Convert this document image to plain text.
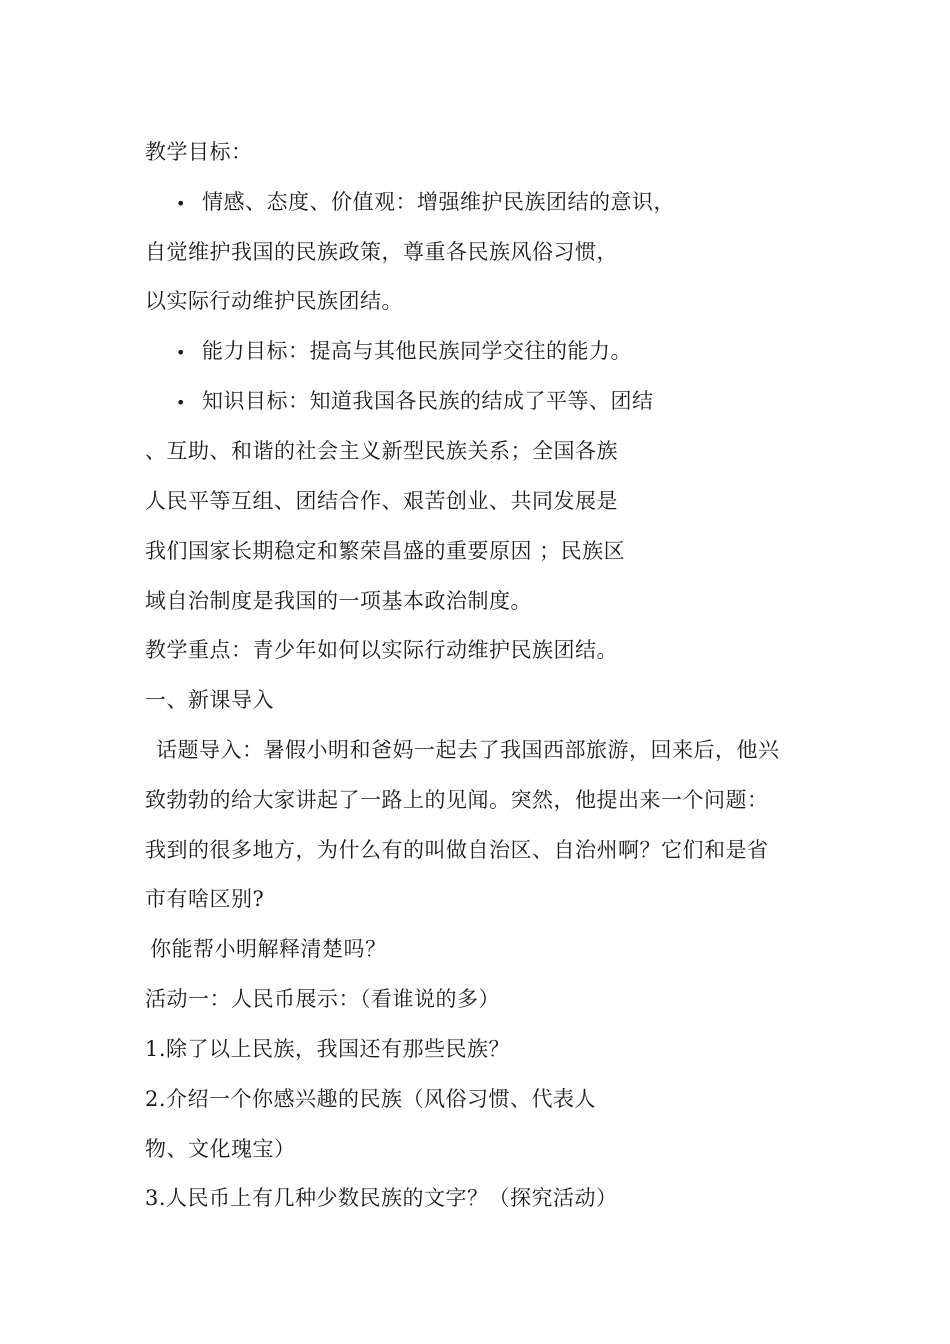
教学目标：
• 情感、态度、价值观：增强维护民族团结的意识，
自觉维护我国的民族政策，尊重各民族风俗习惯，
以实际行动维护民族团结。
• 能力目标：提高与其他民族同学交往的能力。
• 知识目标：知道我国各民族的结成了平等、团结
、互助、和谐的社会主义新型民族关系；全国各族
人民平等互组、团结合作、艰苦创业、共同发展是
我们国家长期稳定和繁荣昌盛的重要原因 ；民族区
域自治制度是我国的一项基本政治制度。
教学重点：青少年如何以实际行动维护民族团结。
一、新课导入
话题导入：暑假小明和爸妈一起去了我国西部旅游，回来后，他兴
致勃勃的给大家讲起了一路上的见闻。突然，他提出来一个问题：
我到的很多地方，为什么有的叫做自治区、自治州啊？它们和是省
市有啥区别?
你能帮小明解释清楚吗？
活动一：人民币展示：（看谁说的多）
1.除了以上民族，我国还有那些民族？
2.介绍一个你感兴趣的民族（风俗习惯、代表人
物、文化瑰宝）
3.人民币上有几种少数民族的文字？（探究活动）
